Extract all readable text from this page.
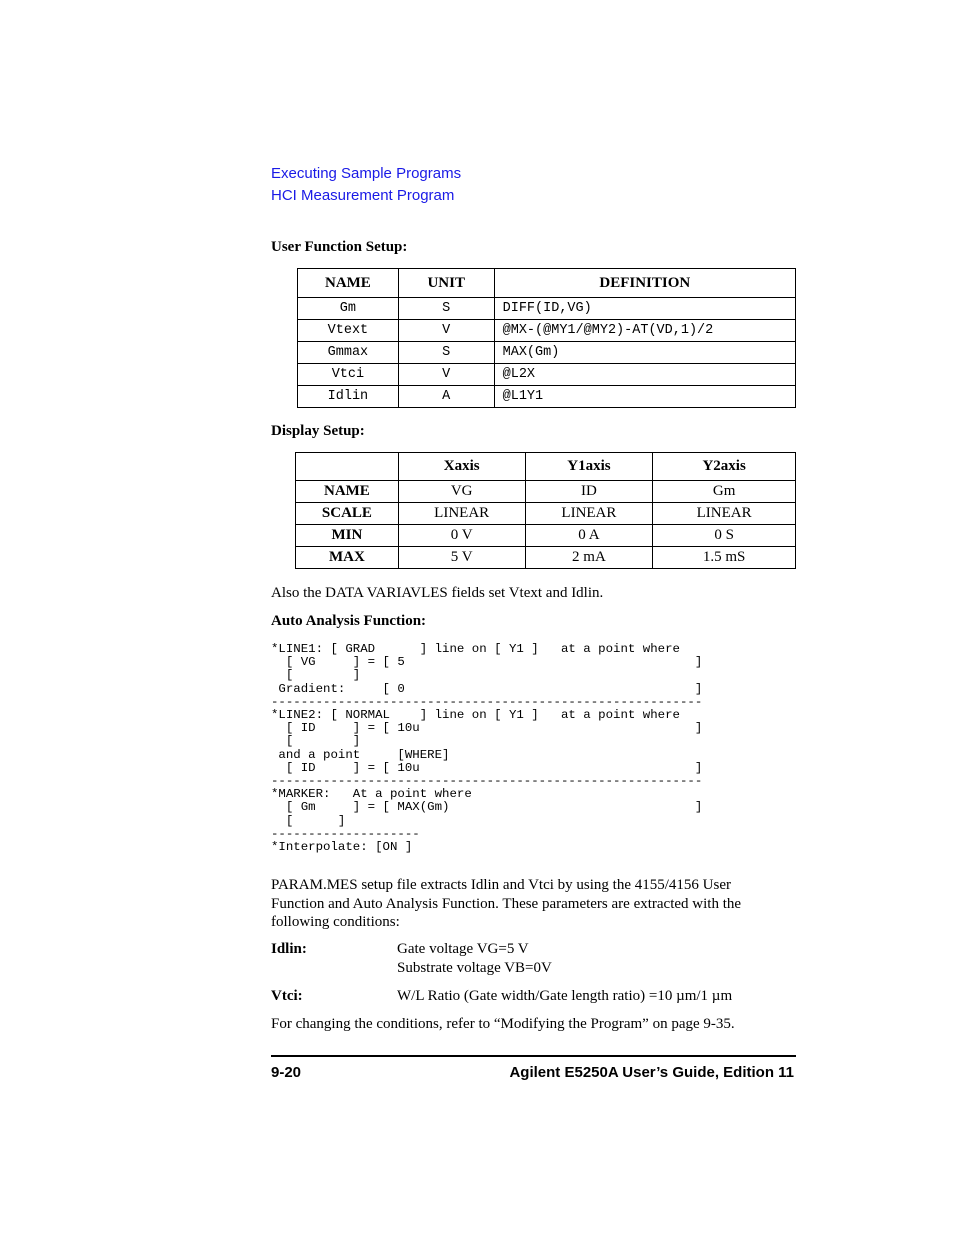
Executing Sample Programs
HCI Measurement Program
User Function Setup:
NAME	UNIT	DEFINITION
Gm	S	DIFF(ID,VG)
Vtext	V	@MX-(@MY1/@MY2)-AT(VD,1)/2
Gmmax	S	MAX(Gm)
Vtci	V	@L2X
Idlin	A	@L1Y1
Display Setup:
	Xaxis	Y1axis	Y2axis
NAME	VG	ID	Gm
SCALE	LINEAR	LINEAR	LINEAR
MIN	0 V	0 A	0 S
MAX	5 V	2 mA	1.5 mS
Also the DATA VARIAVLES fields set Vtext and Idlin.
Auto Analysis Function:
*LINE1: [ GRAD      ] line on [ Y1 ]   at a point where
[ VG     ] = [ 5                                       ]
[        ]
Gradient:     [ 0                                       ]
----------------------------------------------------------
*LINE2: [ NORMAL    ] line on [ Y1 ]   at a point where
[ ID     ] = [ 10u                                     ]
[        ]
and a point     [WHERE]
[ ID     ] = [ 10u                                     ]
----------------------------------------------------------
*MARKER:   At a point where
[ Gm     ] = [ MAX(Gm)                                 ]
[      ]
--------------------
*Interpolate: [ON ]
PARAM.MES setup file extracts Idlin and Vtci by using the 4155/4156 User Function and Auto Analysis Function. These parameters are extracted with the following conditions:
Idlin:	Gate voltage VG=5 V
Substrate voltage VB=0V
Vtci:	W/L Ratio (Gate width/Gate length ratio) =10 µm/1 µm
For changing the conditions, refer to “Modifying the Program” on page 9-35.
9-20	Agilent E5250A User’s Guide, Edition 11
